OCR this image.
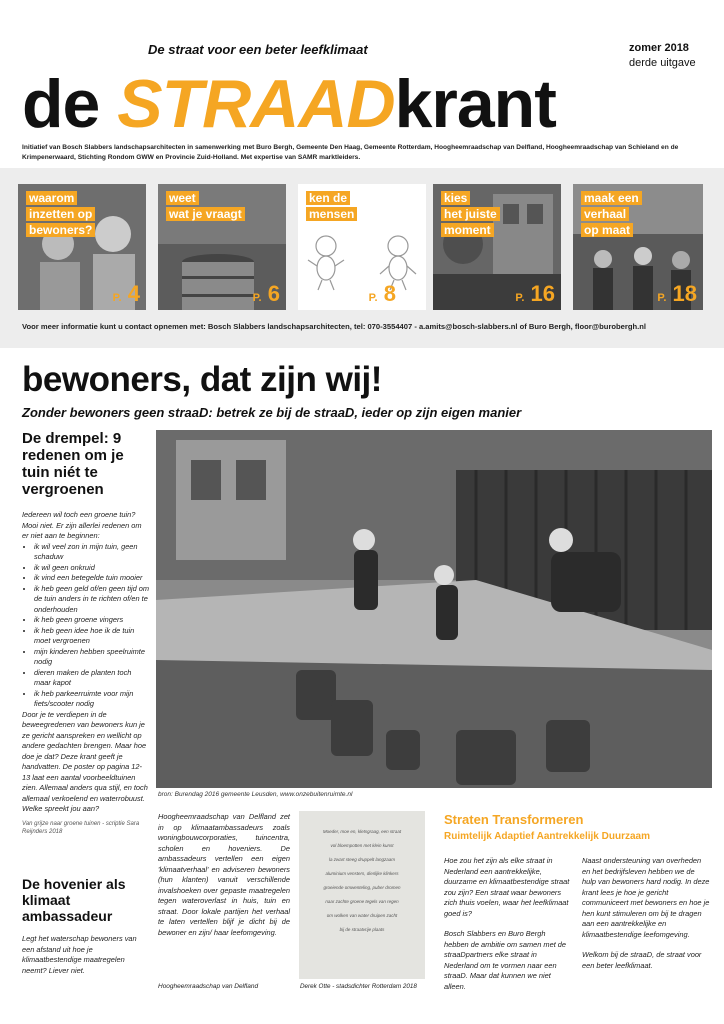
De straat voor een beter leefklimaat	zomer 2018
derde uitgave
de STRAADkrant
Initiatief van Bosch Slabbers landschapsarchitecten in samenwerking met Buro Bergh, Gemeente Den Haag, Gemeente Rotterdam, Hoogheemraadschap van Delfland, Hoogheemraadschap van Schieland en de Krimpenerwaard, Stichting Rondom GWW en Provincie Zuid-Holland. Met expertise van SAMR marktleiders.
waarom
inzetten op
bewoners?
P. 4
weet
wat je vraagt
P. 6
ken de
mensen
P. 8
kies
het juiste
moment
P. 16
maak een
verhaal
op maat
P. 18
Voor meer informatie kunt u contact opnemen met: Bosch Slabbers landschapsarchitecten, tel: 070-3554407 - a.amits@bosch-slabbers.nl of Buro Bergh, floor@burobergh.nl
bewoners, dat zijn wij!
Zonder bewoners geen straaD: betrek ze bij de straaD, ieder op zijn eigen manier
De drempel: 9 redenen om je tuin niét te vergroenen
Iedereen wil toch een groene tuin? Mooi niet. Er zijn allerlei redenen om er niet aan te beginnen:
• ik wil veel zon in mijn tuin, geen schaduw
• ik wil geen onkruid
• ik vind een betegelde tuin mooier
• ik heb geen geld of/en geen tijd om de tuin anders in te richten of/en te onderhouden
• ik heb geen groene vingers
• ik heb geen idee hoe ik de tuin moet vergroenen
• mijn kinderen hebben speelruimte nodig
• dieren maken de planten toch maar kapot
• ik heb parkeerruimte voor mijn fiets/scooter nodig
Door je te verdiepen in de beweegredenen van bewoners kun je ze gericht aanspreken en wellicht op andere gedachten brengen. Maar hoe doe je dat? Deze krant geeft je handvatten. De poster op pagina 12-13 laat een aantal voorbeeldtuinen zien. Allemaal anders qua stijl, en toch allemaal verkoelend en waterrobuust. Welke spreekt jou aan?
Van grijze naar groene tuinen - scriptie Sara Reijnders 2018
De hovenier als klimaat ambassadeur
Legt het waterschap bewoners van een afstand uit hoe je klimaatbestendige maatregelen neemt? Liever niet.
bron: Burendag 2016 gemeente Leusden, www.onzebuitenruimte.nl
Hoogheemraadschap van Delfland zet in op klimaatambassadeurs zoals woningbouwcorporaties, tuincentra, scholen en hoveniers. De ambassadeurs vertellen een eigen 'klimaatverhaal' en adviseren bewoners (hun klanten) vanuit verschillende invalshoeken over gepaste maatregelen tegen wateroverlast in huis, tuin en straat. Door lokale partijen het verhaal te laten vertellen blijf je dicht bij de bewoner en zijn/ haar leefomgeving.
Hoogheemraadschap van Delfland
Moeder, moe en, kletsgraag, een straat
vol bloempotten met klein kunst
la zwart steeg druppelt langzaam
aluminium vensters, dierlijke klinkers
groeiende omwenteling, puber dromen
naar zachte groene tegels van regen
om wolken van water druipen zacht
bij de straatvrije plaats
Derek Otte - stadsdichter Rotterdam 2018
Straten Transformeren
Ruimtelijk Adaptief Aantrekkelijk Duurzaam
Hoe zou het zijn als elke straat in Nederland een aantrekkelijke, duurzame en klimaatbestendige straat zou zijn? Een straat waar bewoners zich thuis voelen, waar het leefklimaat goed is?
Bosch Slabbers en Buro Bergh hebben de ambitie om samen met de straaDpartners elke straat in Nederland om te vormen naar een straaD. Maar dat kunnen we niet alleen.
Naast ondersteuning van overheden en het bedrijfsleven hebben we de hulp van bewoners hard nodig. In deze krant lees je hoe je gericht communiceert met bewoners en hoe je hen kunt stimuleren om bij te dragen aan een aantrekkelijke en klimaatbestendige leefomgeving.
Welkom bij de straaD, de straat voor een beter leefklimaat.
